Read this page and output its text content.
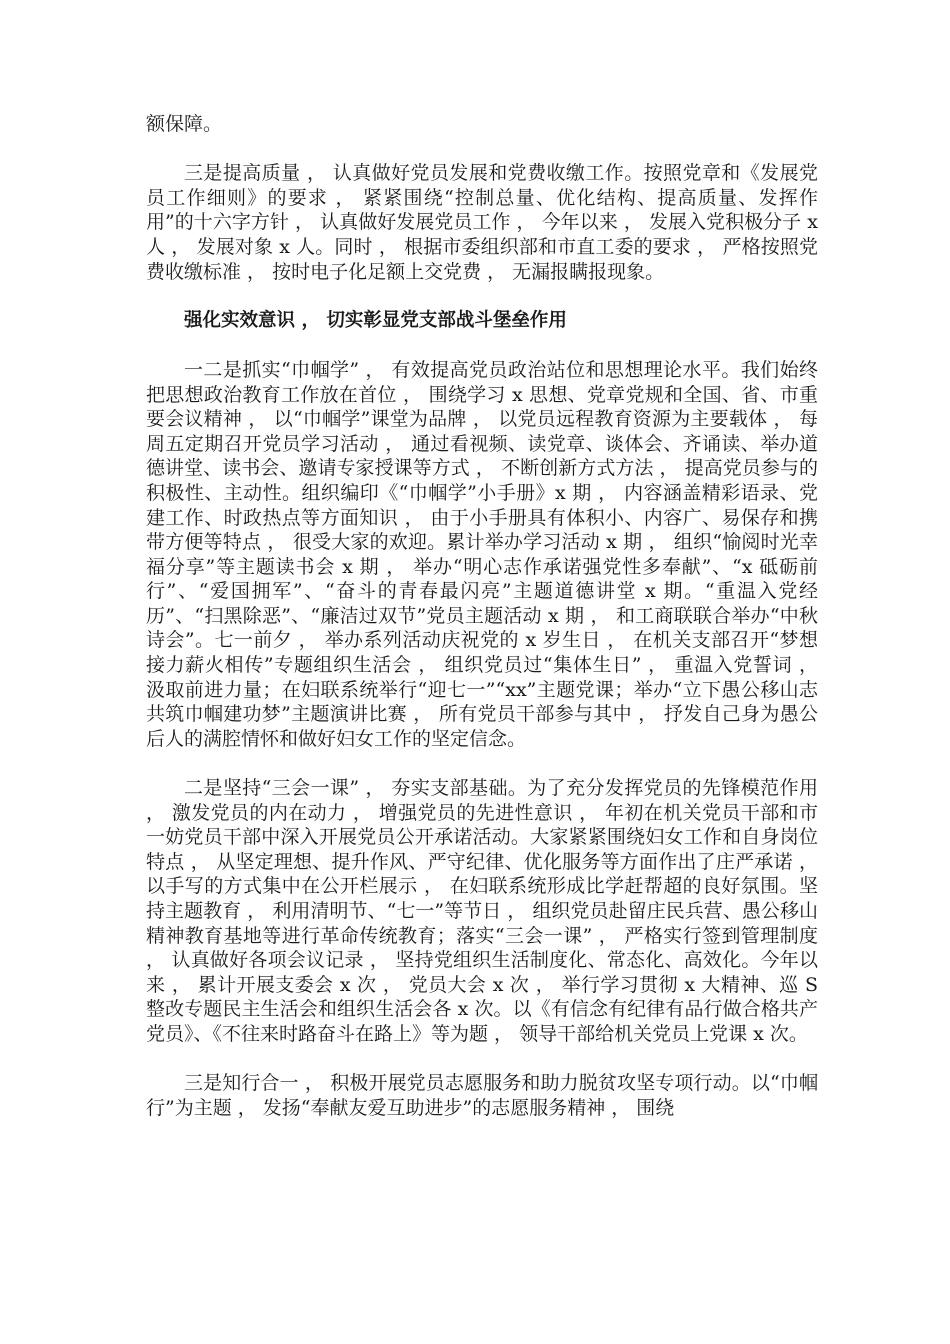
额保障。

三是提高质量 ， 认真做好党员发展和党费收缴工作。按照党章和《发展党员工作细则》的要求 ， 紧紧围绕“控制总量、优化结构、提高质量、发挥作用”的十六字方针 ， 认真做好发展党员工作 ， 今年以来 ， 发展入党积极分子 x 人 ， 发展对象 x 人。同时 ， 根据市委组织部和市直工委的要求 ， 严格按照党费收缴标准 ， 按时电子化足额上交党费 ， 无漏报瞒报现象。

强化实效意识 ， 切实彰显党支部战斗堡垒作用

一二是抓实“巾帼学” ， 有效提高党员政治站位和思想理论水平。我们始终把思想政治教育工作放在首位 ， 围绕学习 x 思想、党章党规和全国、省、市重要会议精神 ， 以“巾帼学”课堂为品牌 ， 以党员远程教育资源为主要载体 ， 每周五定期召开党员学习活动 ， 通过看视频、读党章、谈体会、齐诵读、举办道德讲堂、读书会、邀请专家授课等方式 ， 不断创新方式方法 ， 提高党员参与的积极性、主动性。组织编印《“巾帼学”小手册》x 期 ， 内容涵盖精彩语录、党建工作、时政热点等方面知识 ， 由于小手册具有体积小、内容广、易保存和携带方便等特点 ， 很受大家的欢迎。累计举办学习活动 x 期 ， 组织“愉阅时光幸福分享”等主题读书会 x 期 ， 举办“明心志作承诺强党性多奉献”、“x 砥砺前行”、“爱国拥军”、“奋斗的青春最闪亮”主题道德讲堂 x 期。“重温入党经历”、“扫黑除恶”、“廉洁过双节”党员主题活动 x 期 ， 和工商联联合举办“中秋诗会”。七一前夕 ， 举办系列活动庆祝党的 x 岁生日 ， 在机关支部召开“梦想接力薪火相传”专题组织生活会 ， 组织党员过“集体生日” ， 重温入党誓词 ， 汲取前进力量；在妇联系统举行“迎七一”“xx”主题党课；举办“立下愚公移山志共筑巾帼建功梦”主题演讲比赛 ， 所有党员干部参与其中 ， 抒发自己身为愚公后人的满腔情怀和做好妇女工作的坚定信念。

二是坚持“三会一课” ， 夯实支部基础。为了充分发挥党员的先锋模范作用 ， 激发党员的内在动力 ， 增强党员的先进性意识 ， 年初在机关党员干部和市一妨党员干部中深入开展党员公开承诺活动。大家紧紧围绕妇女工作和自身岗位特点 ， 从坚定理想、提升作风、严守纪律、优化服务等方面作出了庄严承诺 ， 以手写的方式集中在公开栏展示 ， 在妇联系统形成比学赶帮超的良好氛围。坚持主题教育 ， 利用清明节、“七一”等节日 ， 组织党员赴留庄民兵营、愚公移山精神教育基地等进行革命传统教育；落实“三会一课” ， 严格实行签到管理制度 ， 认真做好各项会议记录 ， 坚持党组织生活制度化、常态化、高效化。今年以来 ， 累计开展支委会 x 次 ， 党员大会 x 次 ， 举行学习贯彻 x 大精神、巡 S 整改专题民主生活会和组织生活会各 x 次。以《有信念有纪律有品行做合格共产党员》、《不往来时路奋斗在路上》等为题 ， 领导干部给机关党员上党课 x 次。

三是知行合一 ， 积极开展党员志愿服务和助力脱贫攻坚专项行动。以“巾帼行”为主题 ， 发扬“奉献友爱互助进步”的志愿服务精神 ， 围绕
